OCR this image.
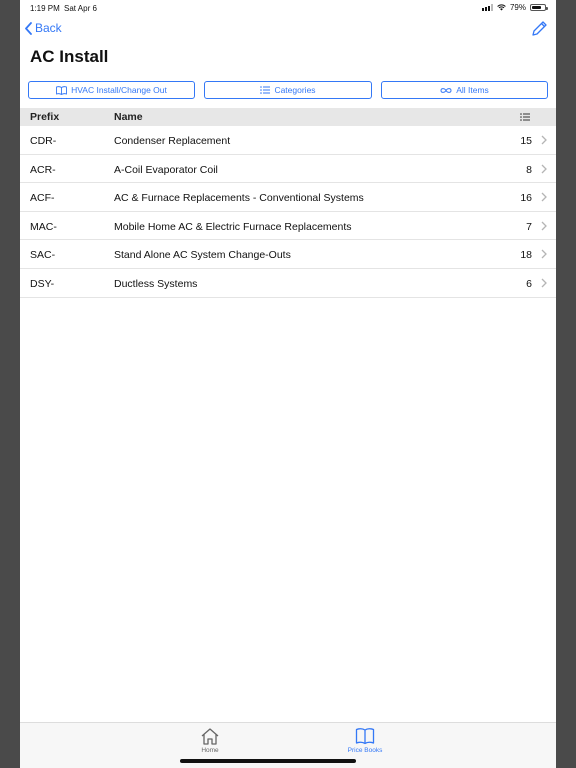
1:19 PM Sat Apr 6	79%
Back
AC Install
HVAC Install/Change Out	Categories	All Items
Prefix	Name
CDR-	Condenser Replacement	15
ACR-	A-Coil Evaporator Coil	8
ACF-	AC & Furnace Replacements - Conventional Systems	16
MAC-	Mobile Home AC & Electric Furnace Replacements	7
SAC-	Stand Alone AC System Change-Outs	18
DSY-	Ductless Systems	6
Home	Price Books
